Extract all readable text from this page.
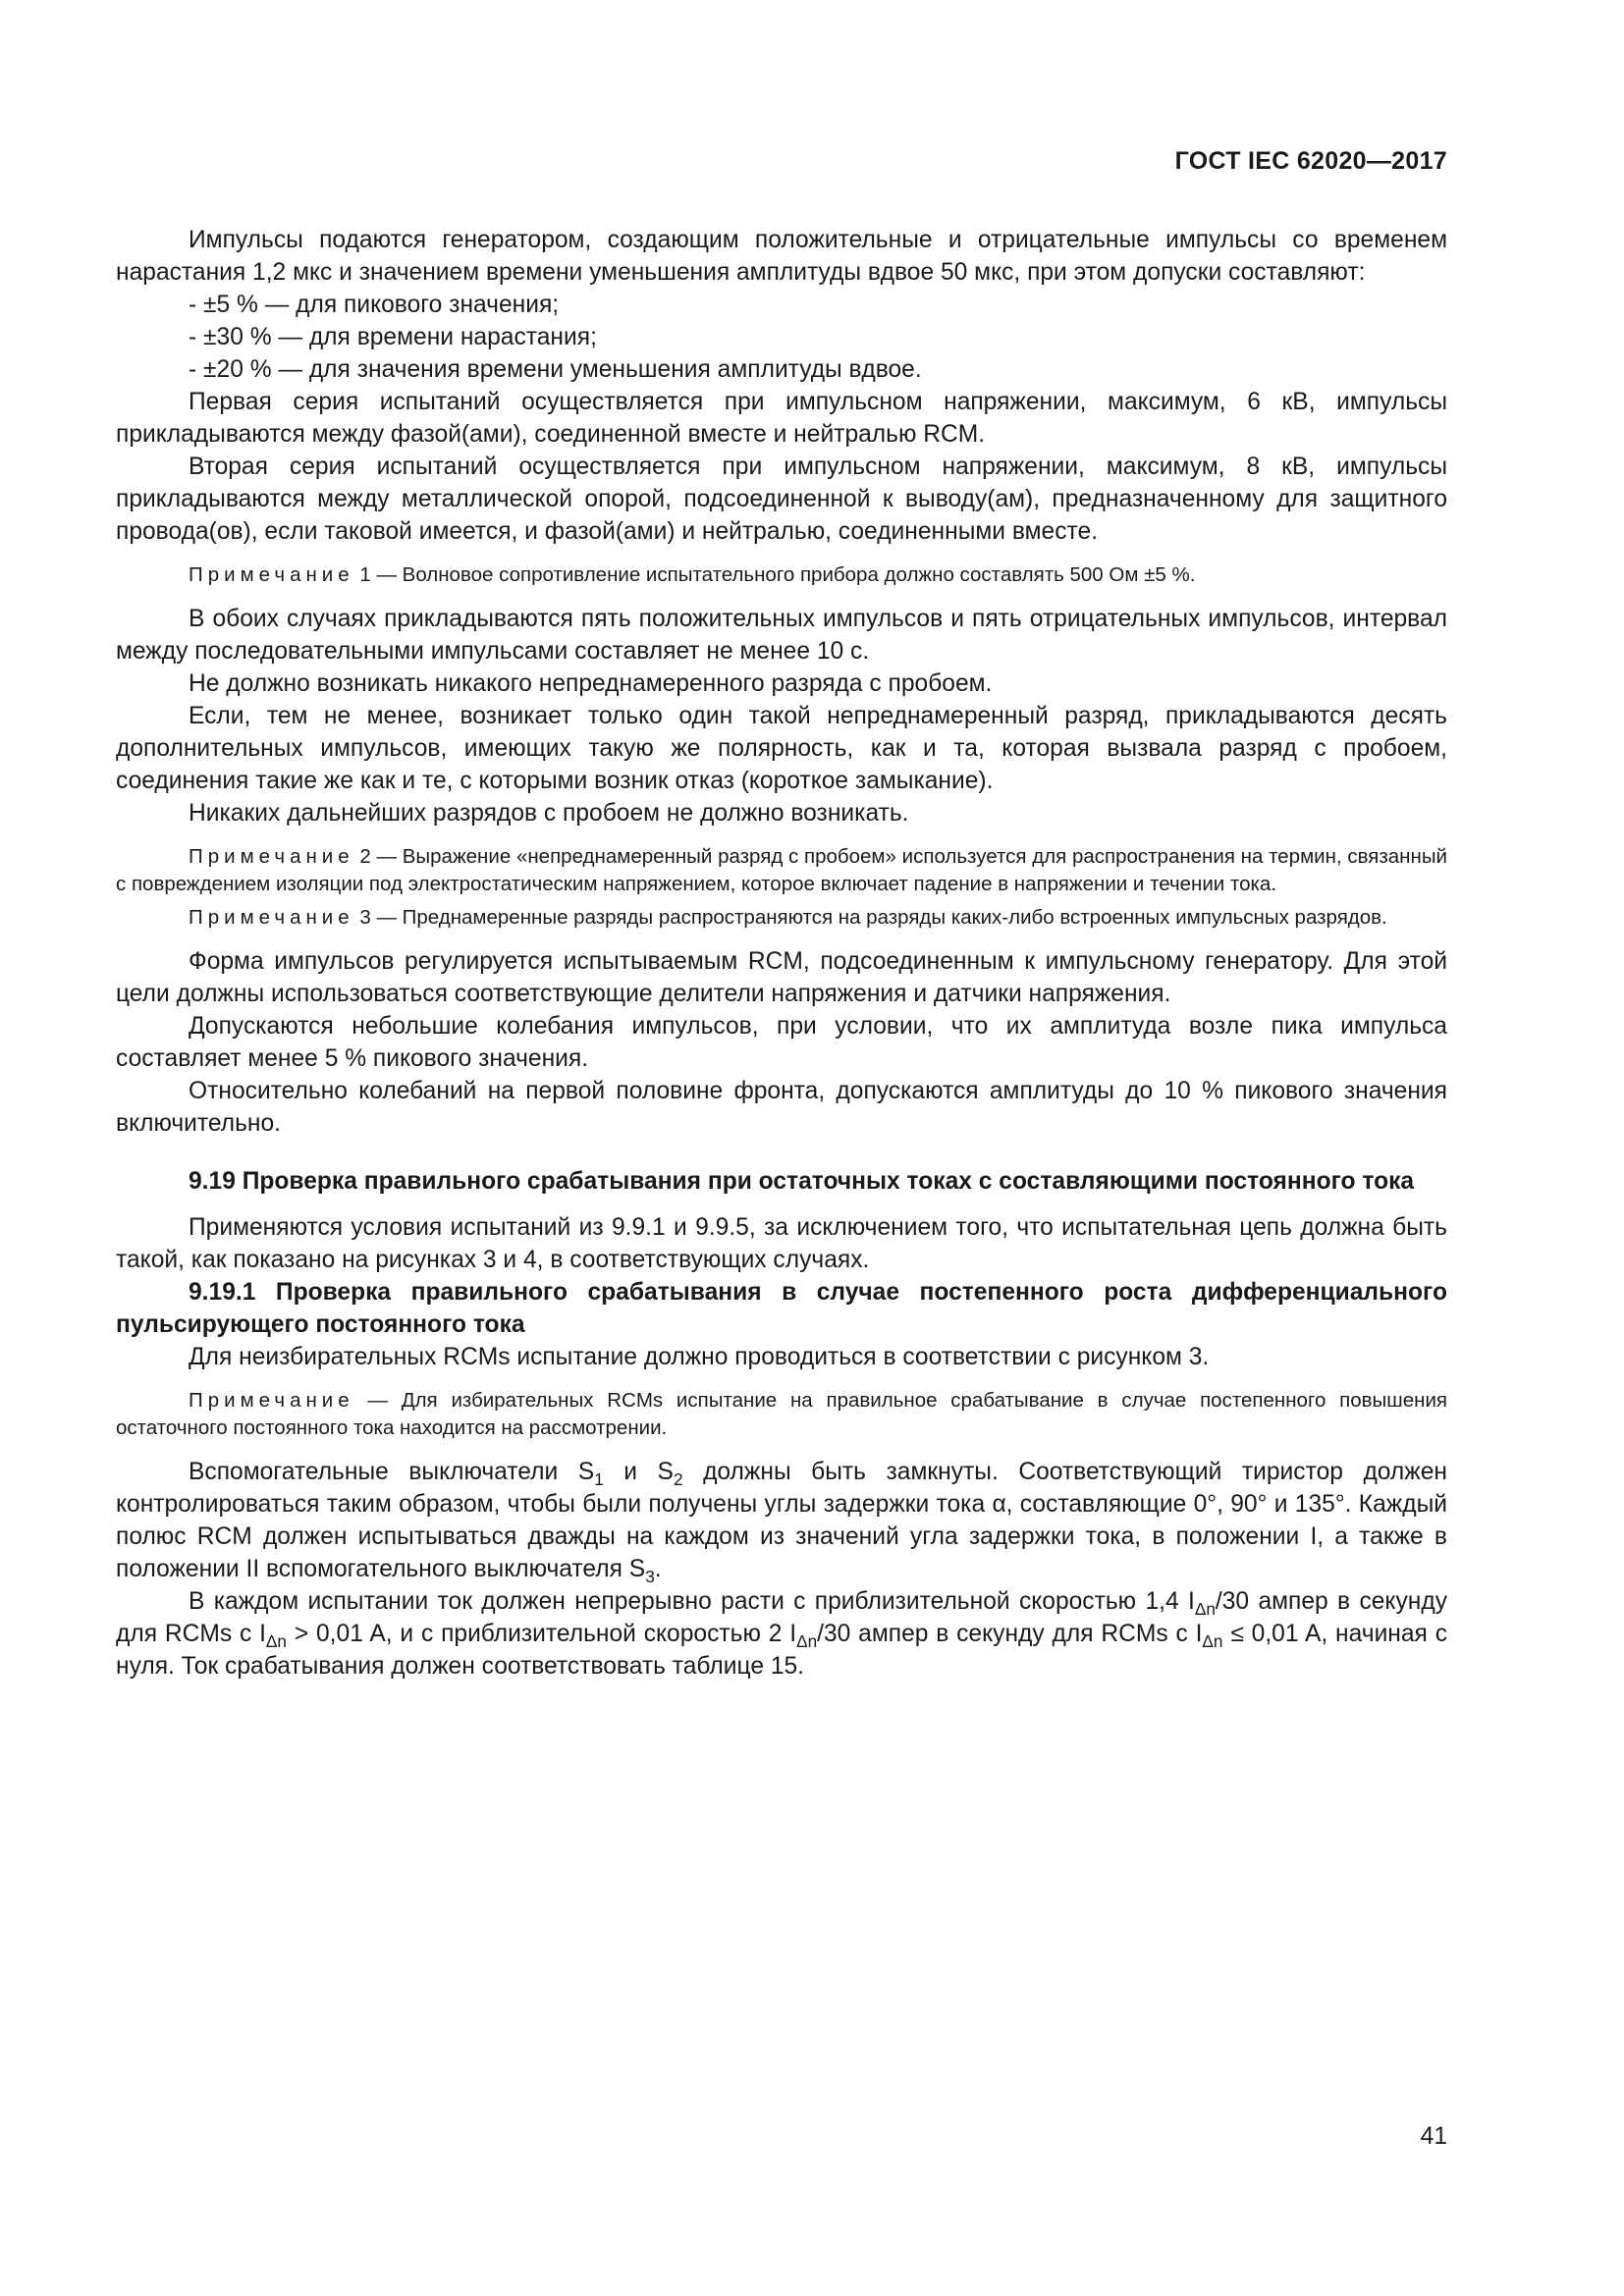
ГОСТ IEC 62020—2017

Импульсы подаются генератором, создающим положительные и отрицательные импульсы со временем нарастания 1,2 мкс и значением времени уменьшения амплитуды вдвое 50 мкс, при этом допуски составляют:

- ±5 % — для пикового значения;

- ±30 % — для времени нарастания;

- ±20 % — для значения времени уменьшения амплитуды вдвое.

Первая серия испытаний осуществляется при импульсном напряжении, максимум, 6 кВ, импульсы прикладываются между фазой(ами), соединенной вместе и нейтралью RCM.

Вторая серия испытаний осуществляется при импульсном напряжении, максимум, 8 кВ, импульсы прикладываются между металлической опорой, подсоединенной к выводу(ам), предназначенному для защитного провода(ов), если таковой имеется, и фазой(ами) и нейтралью, соединенными вместе.

Примечание 1 — Волновое сопротивление испытательного прибора должно составлять 500 Ом ±5 %.

В обоих случаях прикладываются пять положительных импульсов и пять отрицательных импульсов, интервал между последовательными импульсами составляет не менее 10 с.

Не должно возникать никакого непреднамеренного разряда с пробоем.

Если, тем не менее, возникает только один такой непреднамеренный разряд, прикладываются десять дополнительных импульсов, имеющих такую же полярность, как и та, которая вызвала разряд с пробоем, соединения такие же как и те, с которыми возник отказ (короткое замыкание).

Никаких дальнейших разрядов с пробоем не должно возникать.

Примечание 2 — Выражение «непреднамеренный разряд с пробоем» используется для распространения на термин, связанный с повреждением изоляции под электростатическим напряжением, которое включает падение в напряжении и течении тока.

Примечание 3 — Преднамеренные разряды распространяются на разряды каких-либо встроенных импульсных разрядов.

Форма импульсов регулируется испытываемым RCM, подсоединенным к импульсному генератору. Для этой цели должны использоваться соответствующие делители напряжения и датчики напряжения.

Допускаются небольшие колебания импульсов, при условии, что их амплитуда возле пика импульса составляет менее 5 % пикового значения.

Относительно колебаний на первой половине фронта, допускаются амплитуды до 10 % пикового значения включительно.

9.19 Проверка правильного срабатывания при остаточных токах с составляющими постоянного тока

Применяются условия испытаний из 9.9.1 и 9.9.5, за исключением того, что испытательная цепь должна быть такой, как показано на рисунках 3 и 4, в соответствующих случаях.

9.19.1 Проверка правильного срабатывания в случае постепенного роста дифференциального пульсирующего постоянного тока

Для неизбирательных RCMs испытание должно проводиться в соответствии с рисунком 3.

Примечание — Для избирательных RCMs испытание на правильное срабатывание в случае постепенного повышения остаточного постоянного тока находится на рассмотрении.

Вспомогательные выключатели $S_1$ и $S_2$ должны быть замкнуты. Соответствующий тиристор должен контролироваться таким образом, чтобы были получены углы задержки тока α, составляющие 0°, 90° и 135°. Каждый полюс RCM должен испытываться дважды на каждом из значений угла задержки тока, в положении I, а также в положении II вспомогательного выключателя $S_3$.

В каждом испытании ток должен непрерывно расти с приблизительной скоростью 1,4 $I_{\Delta n}/30$ ампер в секунду для RCMs с $I_{\Delta n} > 0,01$ A, и с приблизительной скоростью 2 $I_{\Delta n}/30$ ампер в секунду для RCMs с $I_{\Delta n} \le 0,01$ A, начиная с нуля. Ток срабатывания должен соответствовать таблице 15.

41
